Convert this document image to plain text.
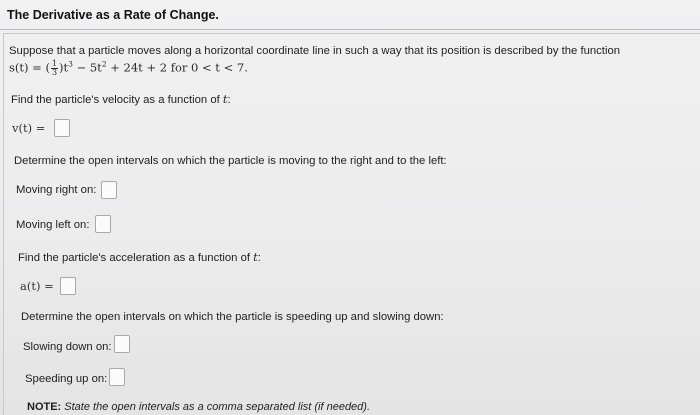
The Derivative as a Rate of Change.
Suppose that a particle moves along a horizontal coordinate line in such a way that its position is described by the function
s(t) = ( $\frac{1}{3} )t^3 - 5t^2 + 24t + 2$ for 0 < t < 7.
Find the particle's velocity as a function of t:
v(t) =
Determine the open intervals on which the particle is moving to the right and to the left:
Moving right on:
Moving left on:
Find the particle's acceleration as a function of t:
a(t) =
Determine the open intervals on which the particle is speeding up and slowing down:
Slowing down on:
Speeding up on:
NOTE: State the open intervals as a comma separated list (if needed).
